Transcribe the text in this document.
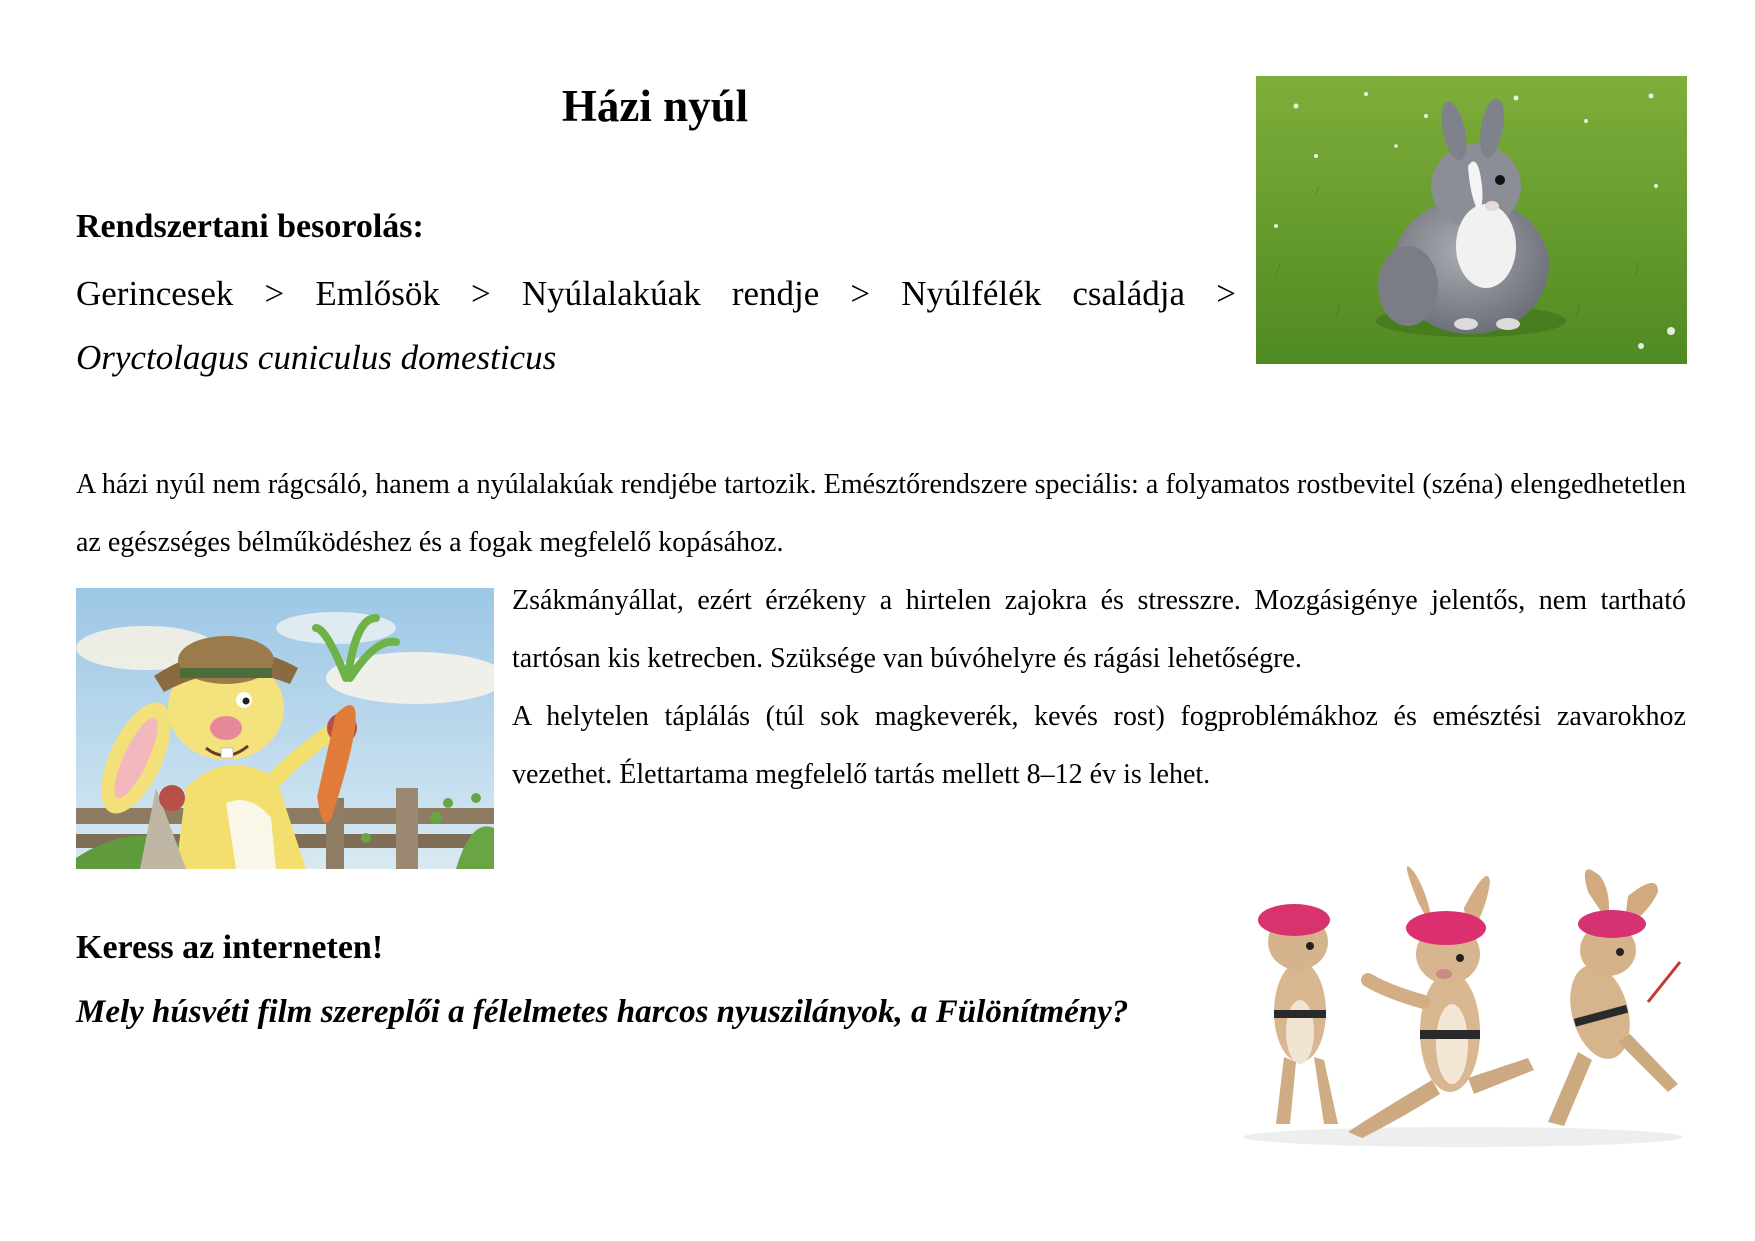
Házi nyúl
Rendszertani besorolás:
Gerincesek > Emlősök > Nyúlalakúak rendje > Nyúlfélék családja >
Oryctolagus cuniculus domesticus

A házi nyúl nem rágcsáló, hanem a nyúlalakúak rendjébe tartozik. Emésztőrendszere speciális: a folyamatos rostbevitel (széna) elengedhetetlen az egészséges bélműködéshez és a fogak megfelelő kopásához.

Zsákmányállat, ezért érzékeny a hirtelen zajokra és stresszre. Mozgásigénye jelentős, nem tartható tartósan kis ketrecben. Szüksége van búvóhelyre és rágási lehetőségre.

A helytelen táplálás (túl sok magkeverék, kevés rost) fogproblémákhoz és emésztési zavarokhoz vezethet. Élettartama megfelelő tartás mellett 8–12 év is lehet.

Keress az interneten!
Mely húsvéti film szereplői a félelmetes harcos nyuszilányok, a Fülönítmény?
